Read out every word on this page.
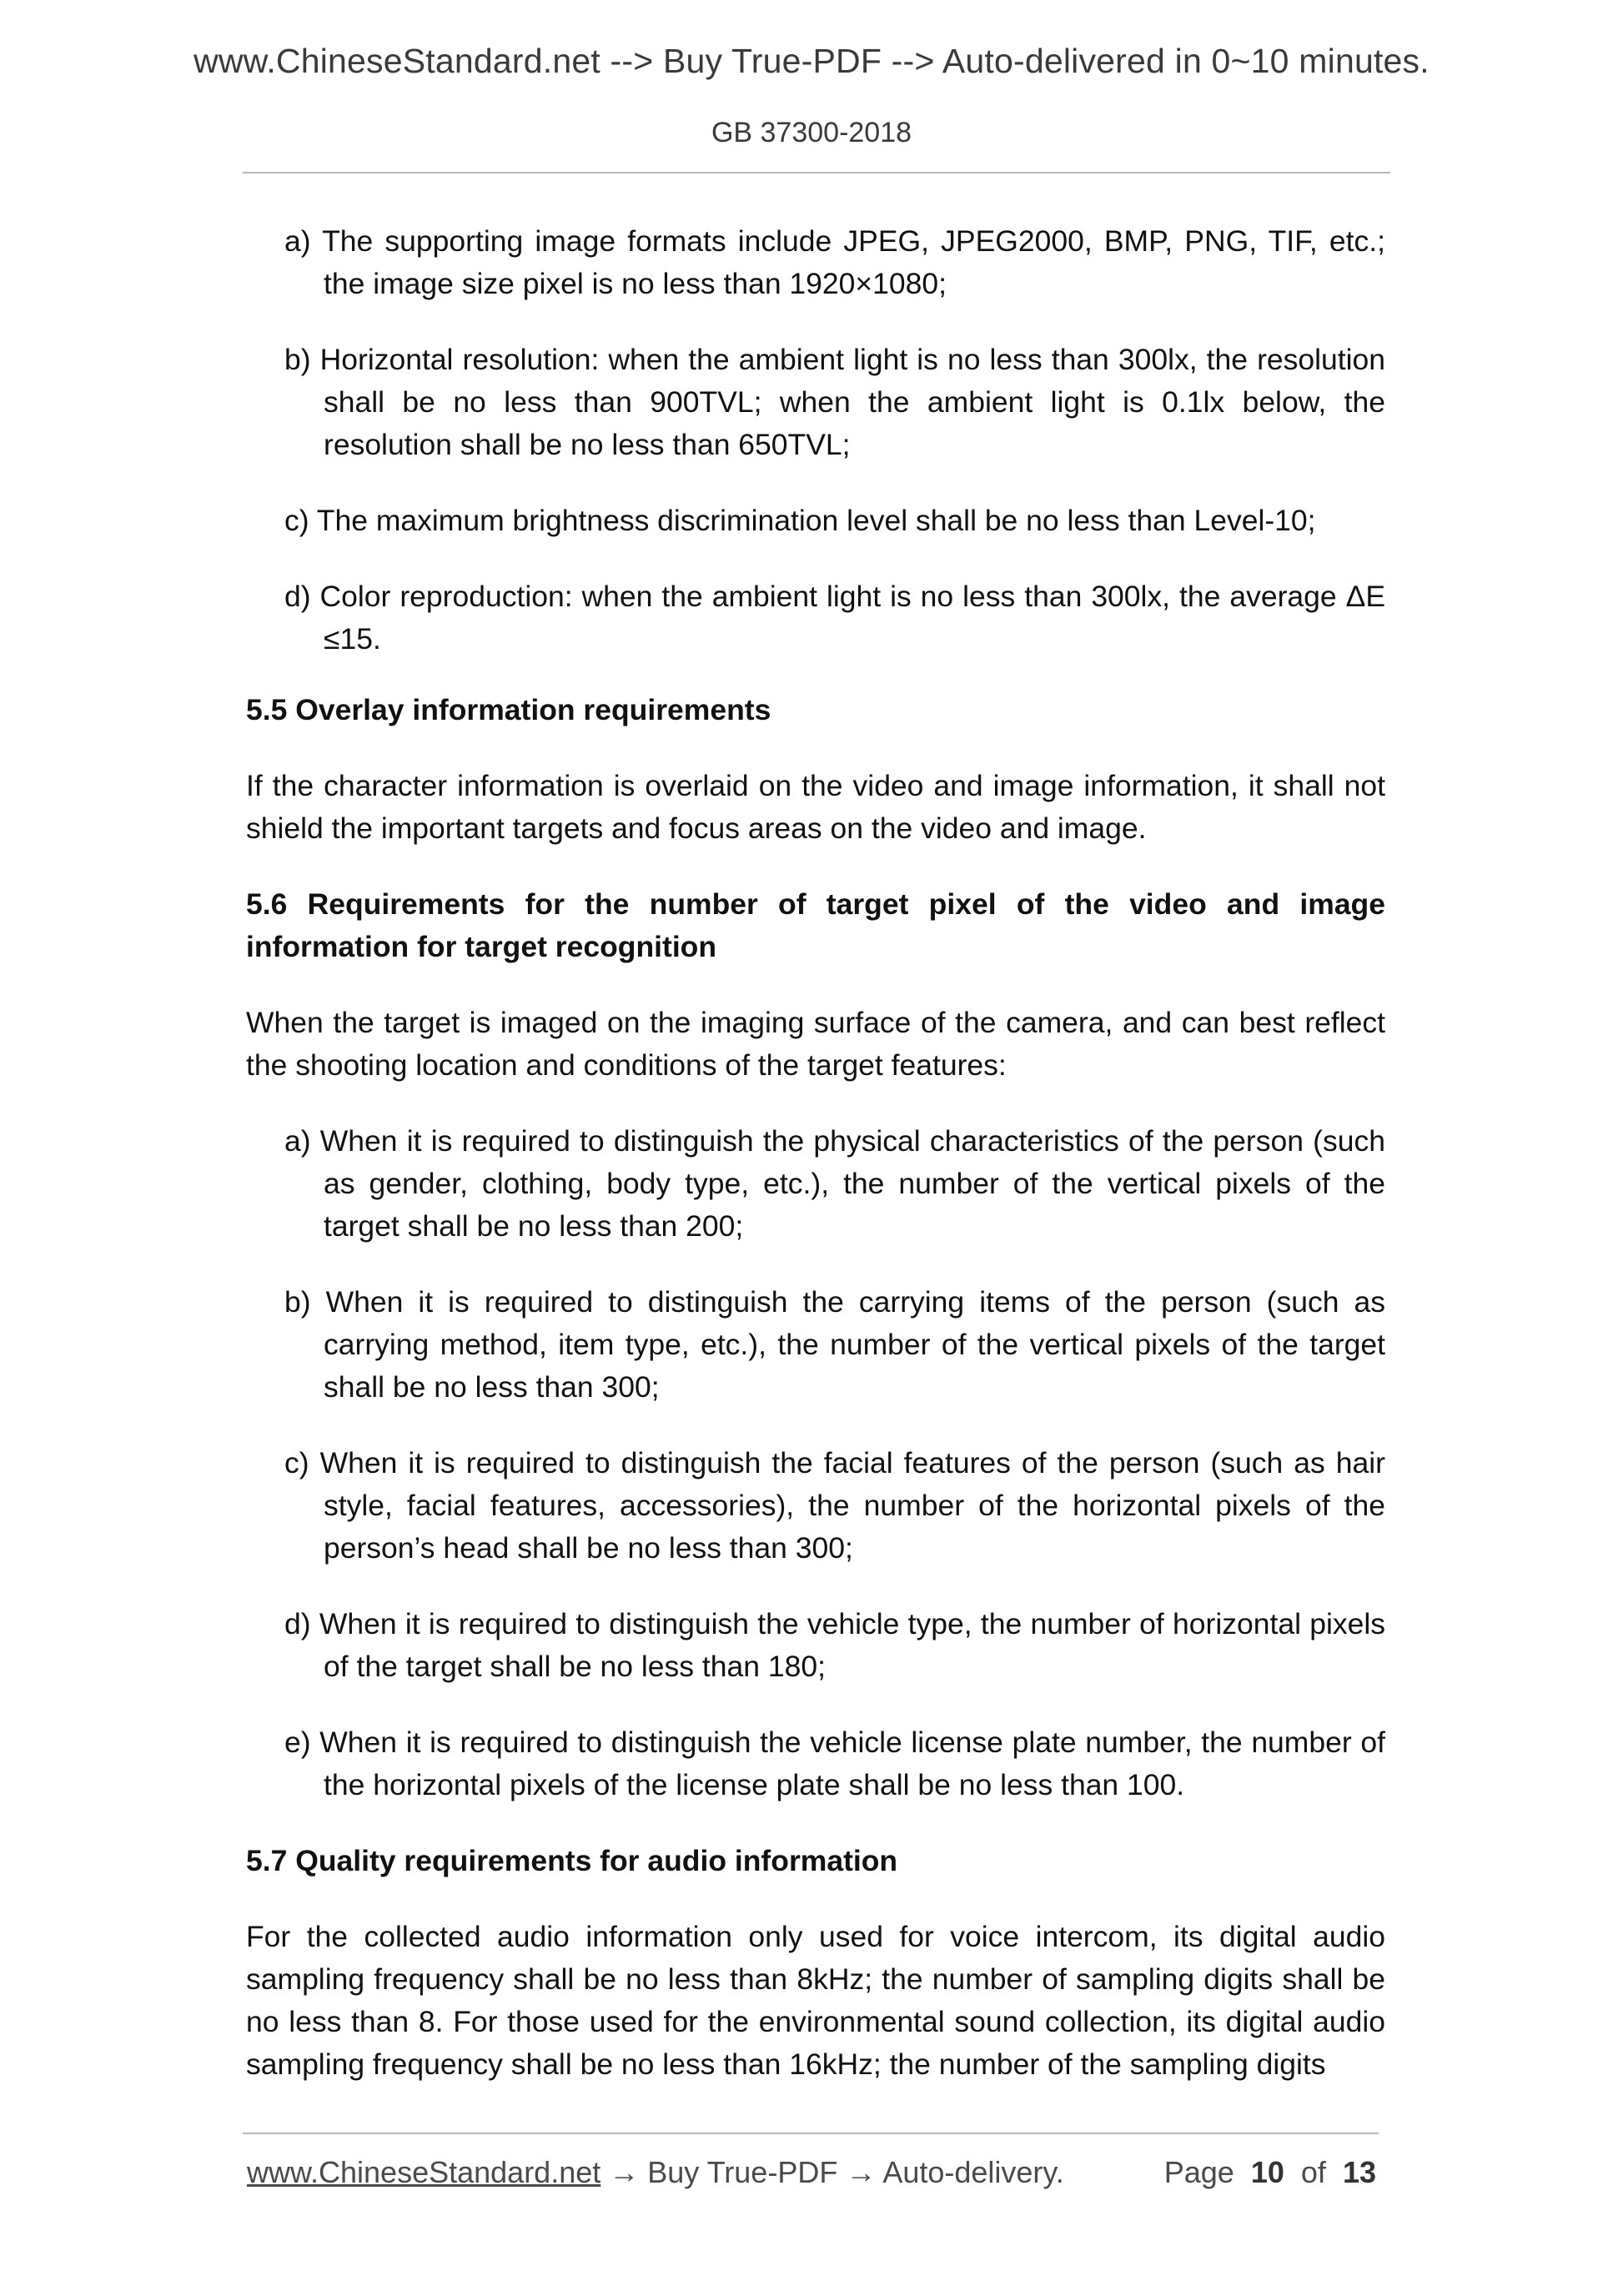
www.ChineseStandard.net --> Buy True-PDF --> Auto-delivered in 0~10 minutes.
GB 37300-2018

a) The supporting image formats include JPEG, JPEG2000, BMP, PNG, TIF, etc.; the image size pixel is no less than 1920×1080;

b) Horizontal resolution: when the ambient light is no less than 300lx, the resolution shall be no less than 900TVL; when the ambient light is 0.1lx below, the resolution shall be no less than 650TVL;

c) The maximum brightness discrimination level shall be no less than Level-10;

d) Color reproduction: when the ambient light is no less than 300lx, the average ΔE ≤15.

5.5 Overlay information requirements

If the character information is overlaid on the video and image information, it shall not shield the important targets and focus areas on the video and image.

5.6 Requirements for the number of target pixel of the video and image information for target recognition

When the target is imaged on the imaging surface of the camera, and can best reflect the shooting location and conditions of the target features:

a) When it is required to distinguish the physical characteristics of the person (such as gender, clothing, body type, etc.), the number of the vertical pixels of the target shall be no less than 200;

b) When it is required to distinguish the carrying items of the person (such as carrying method, item type, etc.), the number of the vertical pixels of the target shall be no less than 300;

c) When it is required to distinguish the facial features of the person (such as hair style, facial features, accessories), the number of the horizontal pixels of the person’s head shall be no less than 300;

d) When it is required to distinguish the vehicle type, the number of horizontal pixels of the target shall be no less than 180;

e) When it is required to distinguish the vehicle license plate number, the number of the horizontal pixels of the license plate shall be no less than 100.

5.7 Quality requirements for audio information

For the collected audio information only used for voice intercom, its digital audio sampling frequency shall be no less than 8kHz; the number of sampling digits shall be no less than 8. For those used for the environmental sound collection, its digital audio sampling frequency shall be no less than 16kHz; the number of the sampling digits

www.ChineseStandard.net → Buy True-PDF → Auto-delivery.	Page 10 of 13
